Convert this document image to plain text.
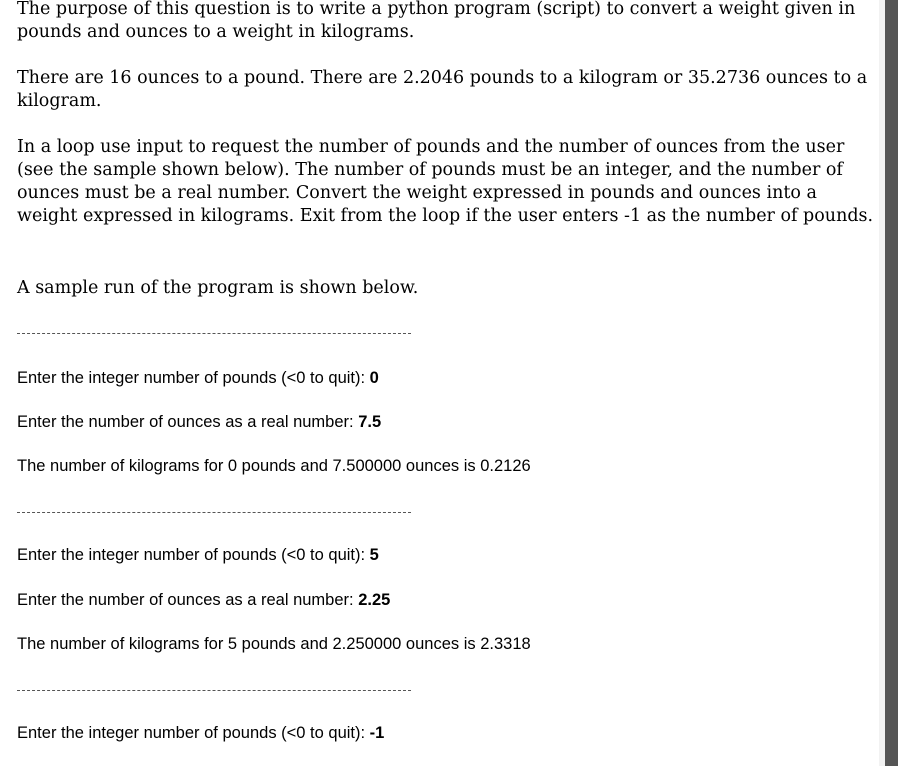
The purpose of this question is to write a python program (script) to convert a weight given in pounds and ounces to a weight in kilograms.

There are 16 ounces to a pound. There are 2.2046 pounds to a kilogram or 35.2736 ounces to a kilogram.

In a loop use input to request the number of pounds and the number of ounces from the user (see the sample shown below). The number of pounds must be an integer, and the number of ounces must be a real number. Convert the weight expressed in pounds and ounces into a weight expressed in kilograms. Exit from the loop if the user enters -1 as the number of pounds.

A sample run of the program is shown below.

Enter the integer number of pounds (<0 to quit): 0

Enter the number of ounces as a real number: 7.5

The number of kilograms for 0 pounds and 7.500000 ounces is 0.2126

Enter the integer number of pounds (<0 to quit): 5

Enter the number of ounces as a real number: 2.25

The number of kilograms for 5 pounds and 2.250000 ounces is 2.3318

Enter the integer number of pounds (<0 to quit): -1
